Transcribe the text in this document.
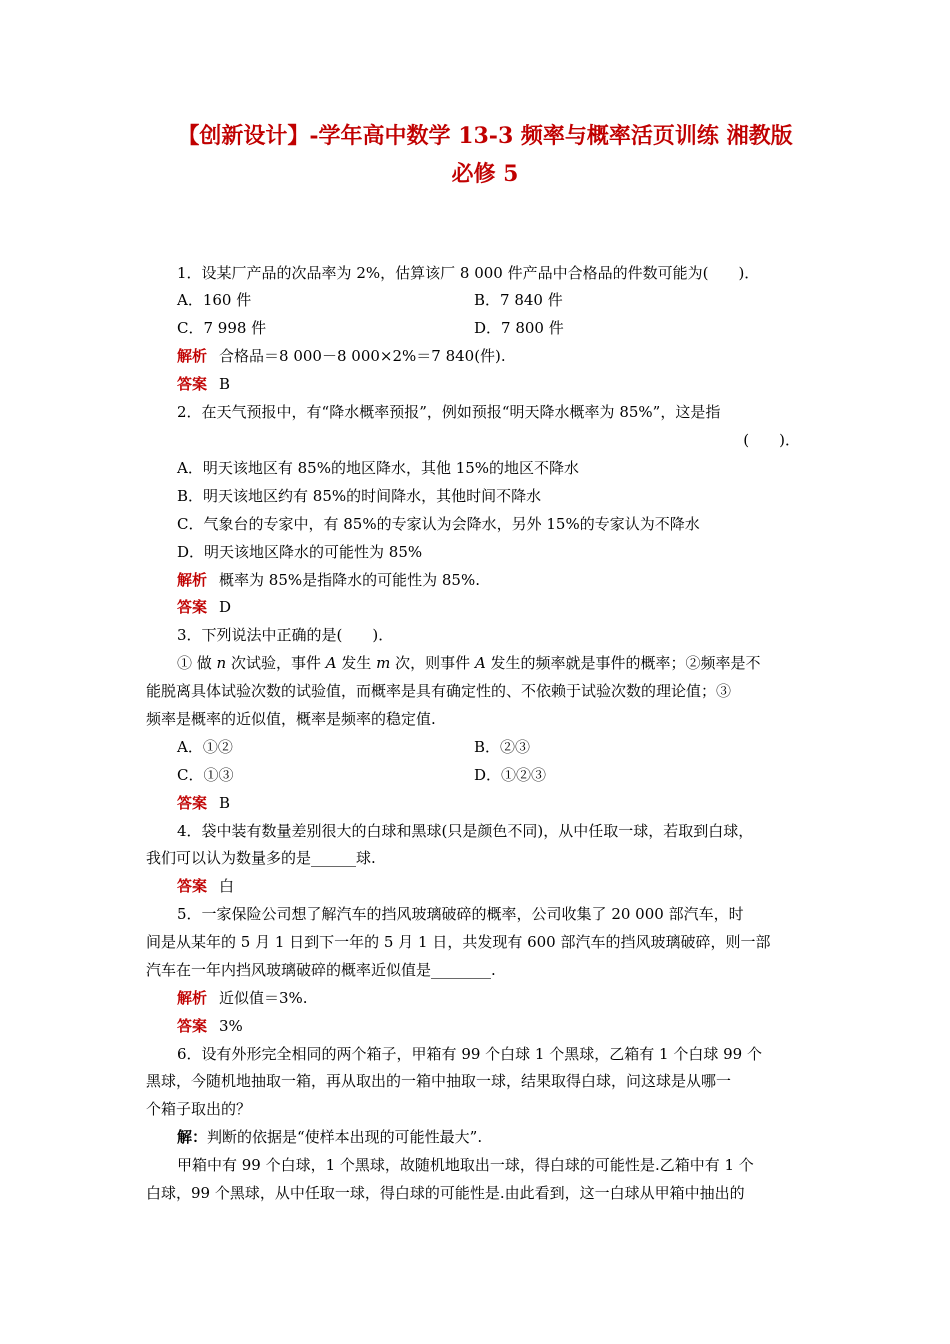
【创新设计】-学年高中数学 13-3 频率与概率活页训练 湘教版
必修 5
1．设某厂产品的次品率为 2%，估算该厂 8 000 件产品中合格品的件数可能为(　　)．
A．160 件	B．7 840 件
C．7 998 件	D．7 800 件
解析 合格品＝8 000－8 000×2%＝7 840(件).
答案 B
2．在天气预报中，有“降水概率预报”，例如预报“明天降水概率为 85%”，这是指
(　　)．
A．明天该地区有 85%的地区降水，其他 15%的地区不降水
B．明天该地区约有 85%的时间降水，其他时间不降水
C．气象台的专家中，有 85%的专家认为会降水，另外 15%的专家认为不降水
D．明天该地区降水的可能性为 85%
解析 概率为 85%是指降水的可能性为 85%.
答案 D
3．下列说法中正确的是(　　)．
① 做 n 次试验，事件 A 发生 m 次，则事件 A 发生的频率就是事件的概率；②频率是不
能脱离具体试验次数的试验值，而概率是具有确定性的、不依赖于试验次数的理论值；③
频率是概率的近似值，概率是频率的稳定值.
A．①②	B．②③
C．①③	D．①②③
答案 B
4．袋中装有数量差别很大的白球和黑球(只是颜色不同)，从中任取一球，若取到白球，
我们可以认为数量多的是______球.
答案 白
5．一家保险公司想了解汽车的挡风玻璃破碎的概率，公司收集了 20 000 部汽车，时
间是从某年的 5 月 1 日到下一年的 5 月 1 日，共发现有 600 部汽车的挡风玻璃破碎，则一部
汽车在一年内挡风玻璃破碎的概率近似值是________.
解析 近似值＝3%.
答案 3%
6．设有外形完全相同的两个箱子，甲箱有 99 个白球 1 个黑球，乙箱有 1 个白球 99 个
黑球，今随机地抽取一箱，再从取出的一箱中抽取一球，结果取得白球，问这球是从哪一
个箱子取出的？
解：判断的依据是“使样本出现的可能性最大”.
甲箱中有 99 个白球，1 个黑球，故随机地取出一球，得白球的可能性是.乙箱中有 1 个
白球，99 个黑球，从中任取一球，得白球的可能性是.由此看到，这一白球从甲箱中抽出的
